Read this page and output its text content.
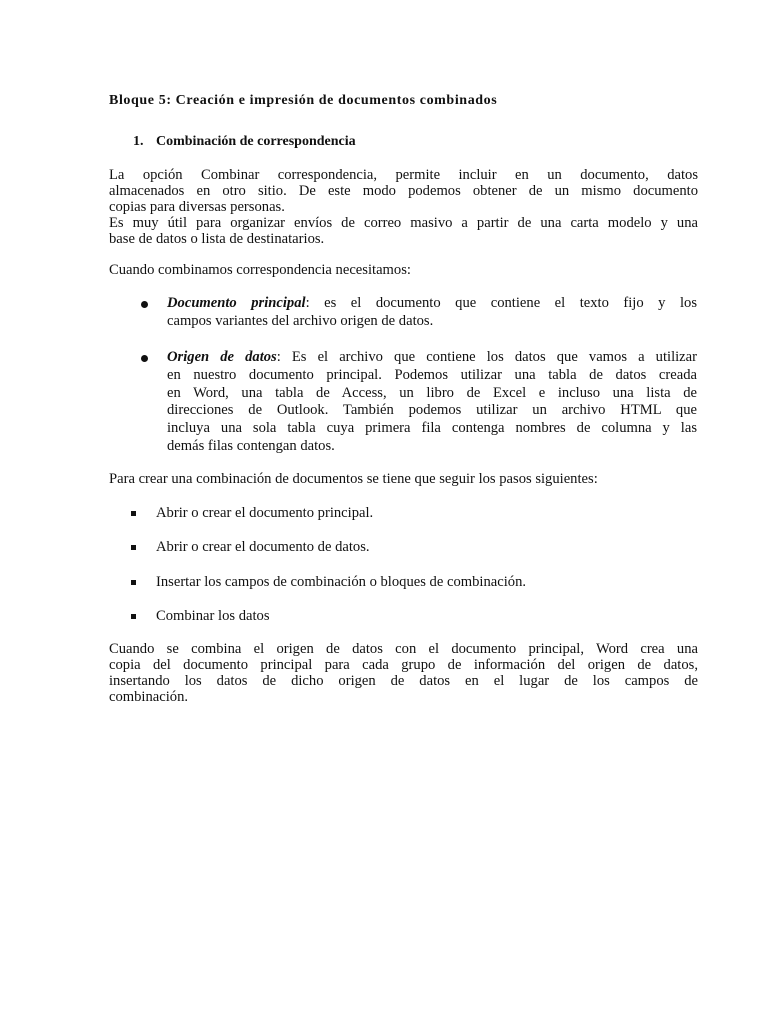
Bloque 5: Creación e impresión de documentos combinados
1. Combinación de correspondencia
La opción Combinar correspondencia, permite incluir en un documento, datos
almacenados en otro sitio. De este modo podemos obtener de un mismo documento
copias para diversas personas.
Es muy útil para organizar envíos de correo masivo a partir de una carta modelo y una
base de datos o lista de destinatarios.
Cuando combinamos correspondencia necesitamos:
Documento principal: es el documento que contiene el texto fijo y los
campos variantes del archivo origen de datos.
Origen de datos: Es el archivo que contiene los datos que vamos a utilizar
en nuestro documento principal. Podemos utilizar una tabla de datos creada
en Word, una tabla de Access, un libro de Excel e incluso una lista de
direcciones de Outlook. También podemos utilizar un archivo HTML que
incluya una sola tabla cuya primera fila contenga nombres de columna y las
demás filas contengan datos.
Para crear una combinación de documentos se tiene que seguir los pasos siguientes:
Abrir o crear el documento principal.
Abrir o crear el documento de datos.
Insertar los campos de combinación o bloques de combinación.
Combinar los datos
Cuando se combina el origen de datos con el documento principal, Word crea una
copia del documento principal para cada grupo de información del origen de datos,
insertando los datos de dicho origen de datos en el lugar de los campos de
combinación.
